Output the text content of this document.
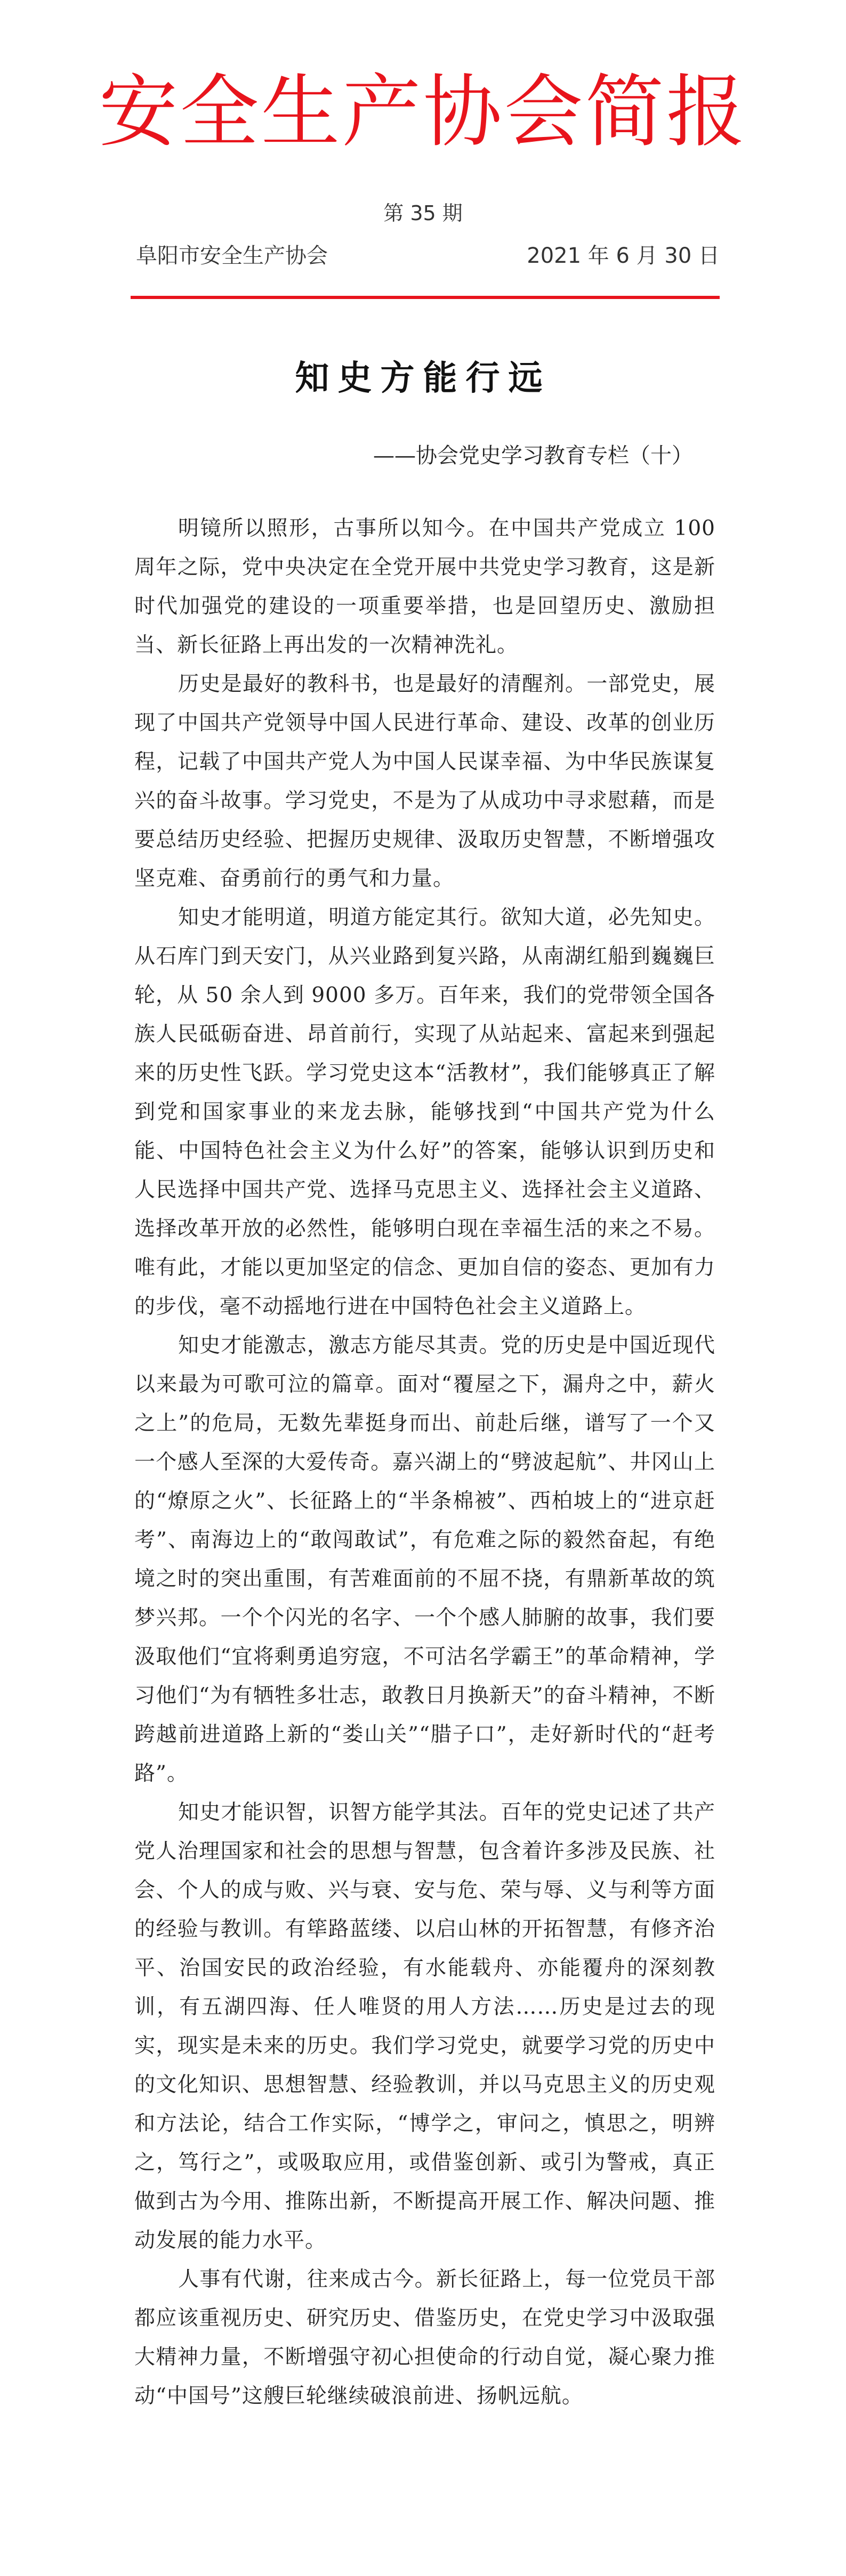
安全生产协会简报
第 35 期
阜阳市安全生产协会	2021 年 6 月 30 日
知史方能行远
——协会党史学习教育专栏（十）

明镜所以照形，古事所以知今。在中国共产党成立 100 周年之际，党中央决定在全党开展中共党史学习教育，这是新时代加强党的建设的一项重要举措，也是回望历史、激励担当、新长征路上再出发的一次精神洗礼。

历史是最好的教科书，也是最好的清醒剂。一部党史，展现了中国共产党领导中国人民进行革命、建设、改革的创业历程，记载了中国共产党人为中国人民谋幸福、为中华民族谋复兴的奋斗故事。学习党史，不是为了从成功中寻求慰藉，而是要总结历史经验、把握历史规律、汲取历史智慧，不断增强攻坚克难、奋勇前行的勇气和力量。

知史才能明道，明道方能定其行。欲知大道，必先知史。从石库门到天安门，从兴业路到复兴路，从南湖红船到巍巍巨轮，从 50 余人到 9000 多万。百年来，我们的党带领全国各族人民砥砺奋进、昂首前行，实现了从站起来、富起来到强起来的历史性飞跃。学习党史这本“活教材”，我们能够真正了解到党和国家事业的来龙去脉，能够找到“中国共产党为什么能、中国特色社会主义为什么好”的答案，能够认识到历史和人民选择中国共产党、选择马克思主义、选择社会主义道路、选择改革开放的必然性，能够明白现在幸福生活的来之不易。唯有此，才能以更加坚定的信念、更加自信的姿态、更加有力的步伐，毫不动摇地行进在中国特色社会主义道路上。

知史才能激志，激志方能尽其责。党的历史是中国近现代以来最为可歌可泣的篇章。面对“覆屋之下，漏舟之中，薪火之上”的危局，无数先辈挺身而出、前赴后继，谱写了一个又一个感人至深的大爱传奇。嘉兴湖上的“劈波起航”、井冈山上的“燎原之火”、长征路上的“半条棉被”、西柏坡上的“进京赶考”、南海边上的“敢闯敢试”，有危难之际的毅然奋起，有绝境之时的突出重围，有苦难面前的不屈不挠，有鼎新革故的筑梦兴邦。一个个闪光的名字、一个个感人肺腑的故事，我们要汲取他们“宜将剩勇追穷寇，不可沽名学霸王”的革命精神，学习他们“为有牺牲多壮志，敢教日月换新天”的奋斗精神，不断跨越前进道路上新的“娄山关”“腊子口”，走好新时代的“赶考路”。

知史才能识智，识智方能学其法。百年的党史记述了共产党人治理国家和社会的思想与智慧，包含着许多涉及民族、社会、个人的成与败、兴与衰、安与危、荣与辱、义与利等方面的经验与教训。有筚路蓝缕、以启山林的开拓智慧，有修齐治平、治国安民的政治经验，有水能载舟、亦能覆舟的深刻教训，有五湖四海、任人唯贤的用人方法……历史是过去的现实，现实是未来的历史。我们学习党史，就要学习党的历史中的文化知识、思想智慧、经验教训，并以马克思主义的历史观和方法论，结合工作实际，“博学之，审问之，慎思之，明辨之，笃行之”，或吸取应用，或借鉴创新、或引为警戒，真正做到古为今用、推陈出新，不断提高开展工作、解决问题、推动发展的能力水平。

人事有代谢，往来成古今。新长征路上，每一位党员干部都应该重视历史、研究历史、借鉴历史，在党史学习中汲取强大精神力量，不断增强守初心担使命的行动自觉，凝心聚力推动“中国号”这艘巨轮继续破浪前进、扬帆远航。
